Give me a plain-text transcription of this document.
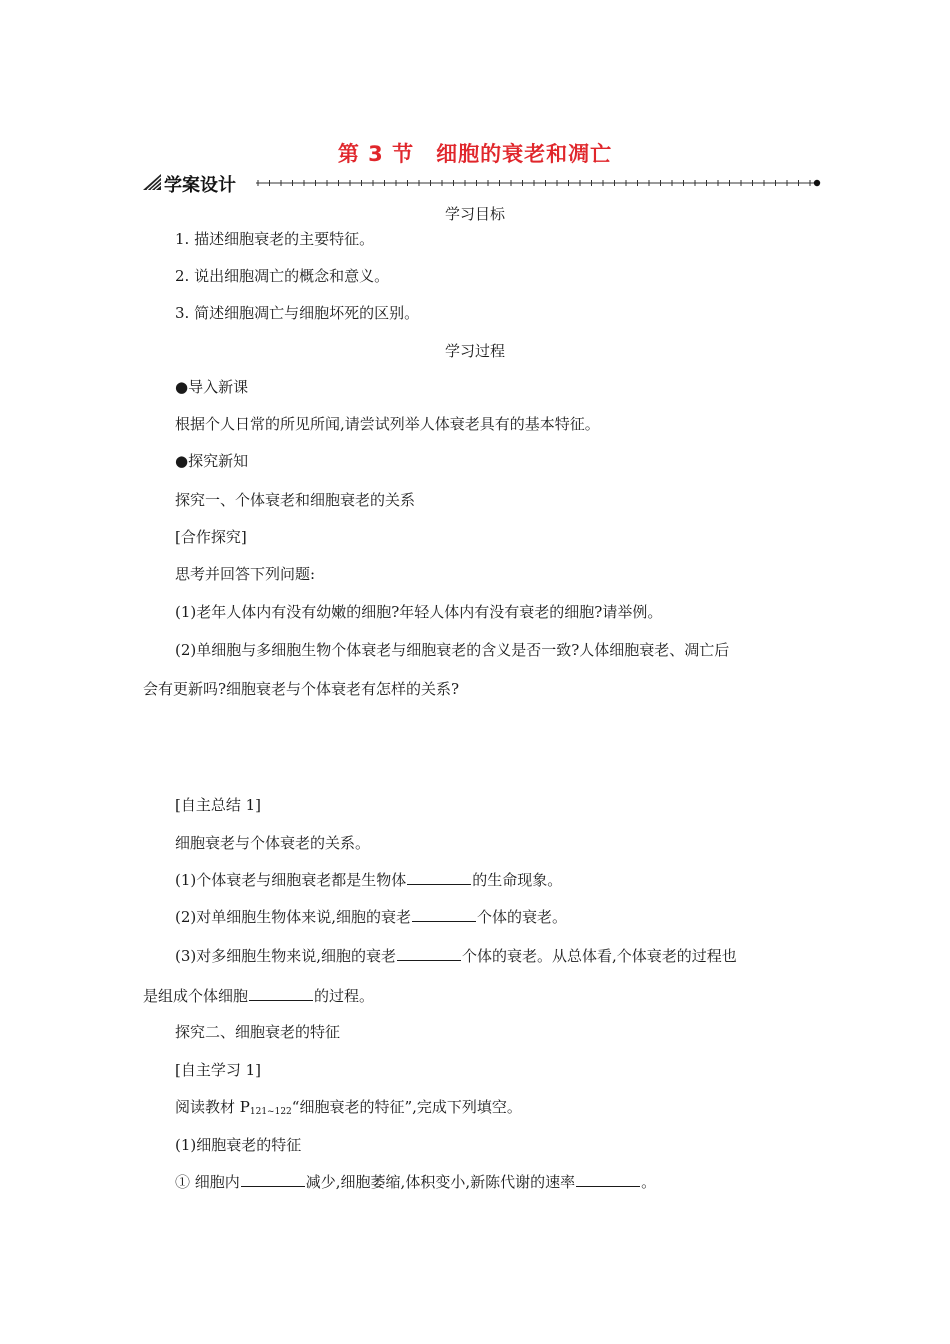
第 3 节　细胞的衰老和凋亡
学案设计
学习目标
1. 描述细胞衰老的主要特征。
2. 说出细胞凋亡的概念和意义。
3. 简述细胞凋亡与细胞坏死的区别。
学习过程
●导入新课
根据个人日常的所见所闻,请尝试列举人体衰老具有的基本特征。
●探究新知
探究一、个体衰老和细胞衰老的关系
[合作探究]
思考并回答下列问题:
(1)老年人体内有没有幼嫩的细胞?年轻人体内有没有衰老的细胞?请举例。
(2)单细胞与多细胞生物个体衰老与细胞衰老的含义是否一致?人体细胞衰老、凋亡后
会有更新吗?细胞衰老与个体衰老有怎样的关系?
[自主总结 1]
细胞衰老与个体衰老的关系。
(1)个体衰老与细胞衰老都是生物体	的生命现象。
(2)对单细胞生物体来说,细胞的衰老	个体的衰老。
(3)对多细胞生物来说,细胞的衰老	个体的衰老。从总体看,个体衰老的过程也
是组成个体细胞	的过程。
探究二、细胞衰老的特征
[自主学习 1]
阅读教材 $P_{121\sim 122}“$细胞衰老的特征”,完成下列填空。
(1)细胞衰老的特征
① 细胞内	减少,细胞萎缩,体积变小,新陈代谢的速率	。
